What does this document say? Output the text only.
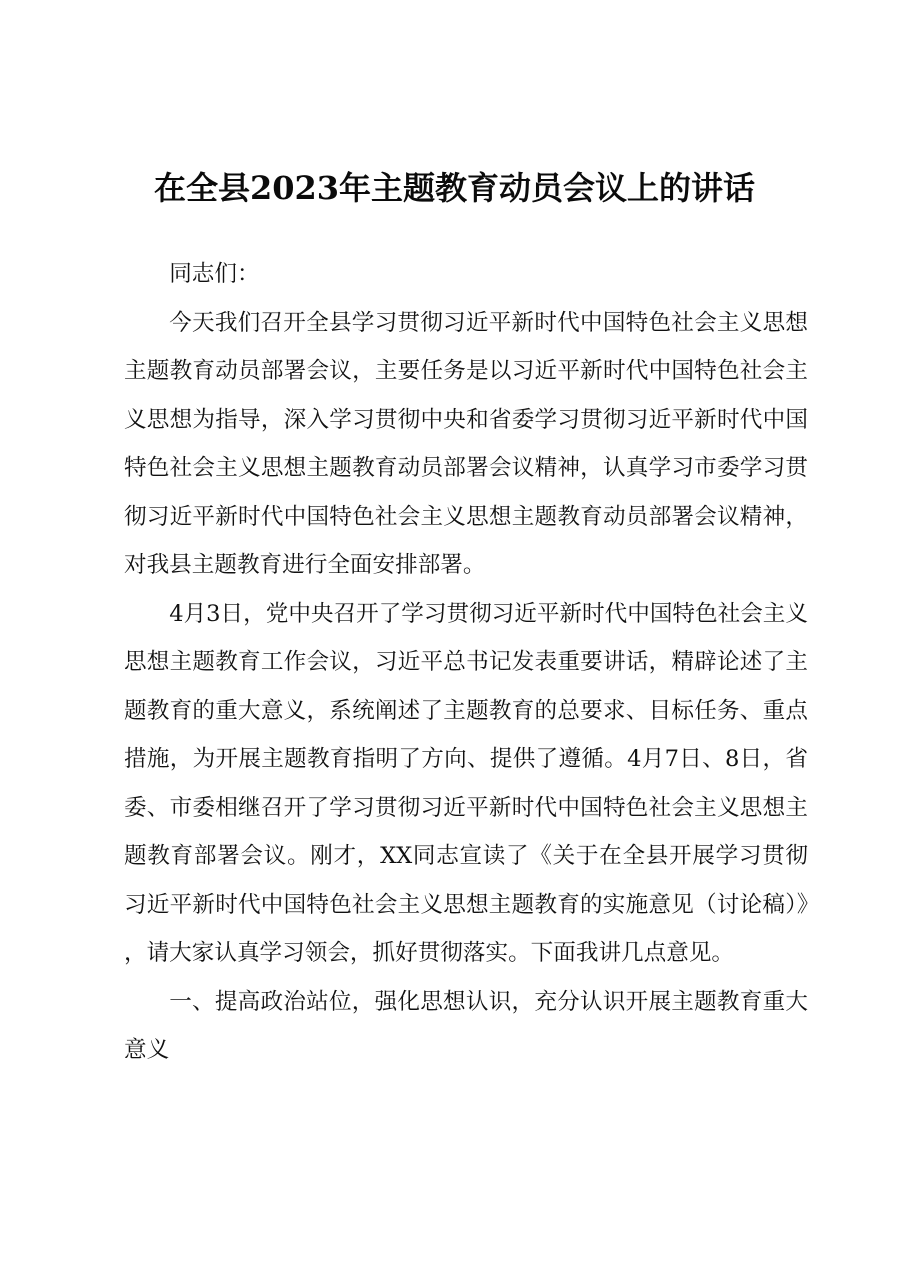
在全县2023年主题教育动员会议上的讲话

同志们：

今天我们召开全县学习贯彻习近平新时代中国特色社会主义思想主题教育动员部署会议，主要任务是以习近平新时代中国特色社会主义思想为指导，深入学习贯彻中央和省委学习贯彻习近平新时代中国特色社会主义思想主题教育动员部署会议精神，认真学习市委学习贯彻习近平新时代中国特色社会主义思想主题教育动员部署会议精神，对我县主题教育进行全面安排部署。

4月3日，党中央召开了学习贯彻习近平新时代中国特色社会主义思想主题教育工作会议，习近平总书记发表重要讲话，精辟论述了主题教育的重大意义，系统阐述了主题教育的总要求、目标任务、重点措施，为开展主题教育指明了方向、提供了遵循。4月7日、8日，省委、市委相继召开了学习贯彻习近平新时代中国特色社会主义思想主题教育部署会议。刚才，XX同志宣读了《关于在全县开展学习贯彻习近平新时代中国特色社会主义思想主题教育的实施意见（讨论稿）》，请大家认真学习领会，抓好贯彻落实。下面我讲几点意见。

一、提高政治站位，强化思想认识，充分认识开展主题教育重大意义
